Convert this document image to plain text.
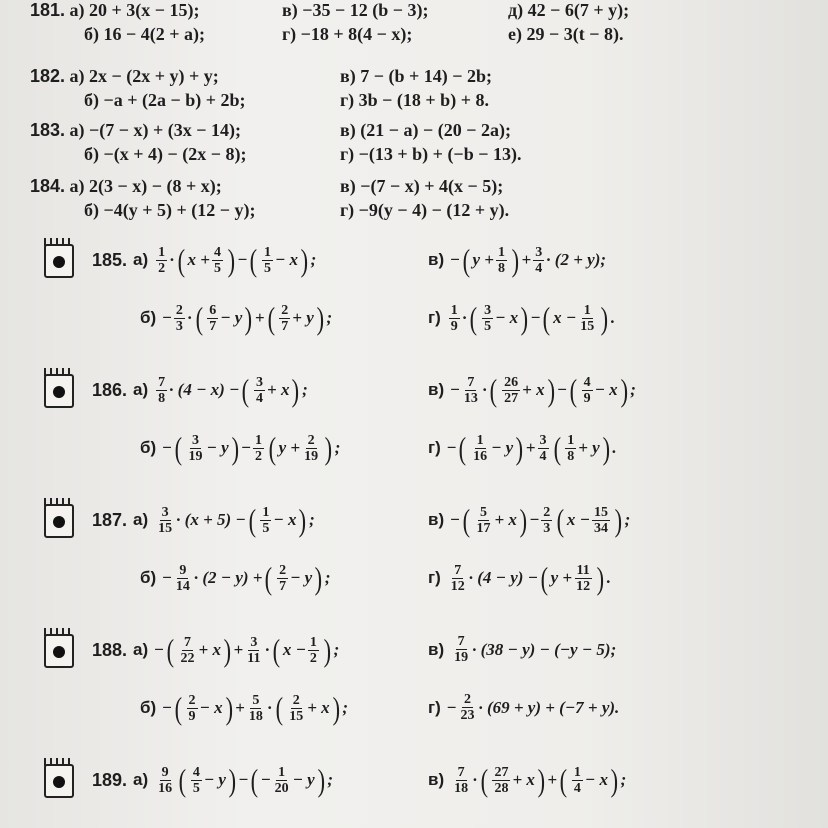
181. а) 20 + 3(x − 15);	в) −35 − 12 (b − 3);	д) 42 − 6(7 + y);
б) 16 − 4(2 + a);	г) −18 + 8(4 − x);	е) 29 − 3(t − 8).
182. а) 2x − (2x + y) + y;	в) 7 − (b + 14) − 2b;
б) −a + (2a − b) + 2b;	г) 3b − (18 + b) + 8.
183. а) −(7 − x) + (3x − 14);	в) (21 − a) − (20 − 2a);
б) −(x + 4) − (2x − 8);	г) −(13 + b) + (−b − 13).
184. а) 2(3 − x) − (8 + x);	в) −(7 − x) + 4(x − 5);
б) −4(y + 5) + (12 − y);	г) −9(y − 4) − (12 + y).
185. $а) \frac{1}{2}$ · ( $x + \frac{4}{5}$ ) − ( $\frac{1}{5} - x$ ) ;	в) − ( $y + \frac{1}{8}$ ) + $\frac{3}{4} \cdot (2 + y)$;
$б) - \frac{2}{3}$ · ( $\frac{6}{7} - y$ ) + ( $\frac{2}{7} + y$ ) ;	$г) \frac{1}{9}$ · ( $\frac{3}{5} - x$ ) − ( $x - \frac{1}{15}$ ) .
186. $а) \frac{7}{8} \cdot (4 - x)$ − ( $\frac{3}{4} + x$ ) ;	$в) - \frac{7}{13}$ · ( $\frac{26}{27} + x$ ) − ( $\frac{4}{9} - x$ ) ;
б) − ( $\frac{3}{19} - y$ ) − $\frac{1}{2}$ ( $y + \frac{2}{19}$ ) ;	г) − ( $\frac{1}{16} - y$ ) + $\frac{3}{4}$ ( $\frac{1}{8} + y$ ) .
187. $а) \frac{3}{15} \cdot (x + 5)$ − ( $\frac{1}{5} - x$ ) ;	в) − ( $\frac{5}{17} + x$ ) − $\frac{2}{3}$ ( $x - \frac{15}{34}$ ) ;
$б) - \frac{9}{14} \cdot (2 - y)$ + ( $\frac{2}{7} - y$ ) ;	$г) \frac{7}{12} \cdot (4 - y)$ − ( $y + \frac{11}{12}$ ) .
188. а) − ( $\frac{7}{22} + x$ ) + $\frac{3}{11}$ · ( $x - \frac{1}{2}$ ) ;	$в) \frac{7}{19} \cdot (38 - y) - (-y - 5)$;
б) − ( $\frac{2}{9} - x$ ) + $\frac{5}{18}$ · ( $\frac{2}{15} + x$ ) ;	$г) - \frac{2}{23} \cdot (69 + y) + (-7 + y)$.
189. $а) \frac{9}{16}$ ( $\frac{4}{5} - y$ ) − ( − $\frac{1}{20} - y$ ) ;	$в) \frac{7}{18}$ · ( $\frac{27}{28} + x$ ) + ( $\frac{1}{4} - x$ ) ;
